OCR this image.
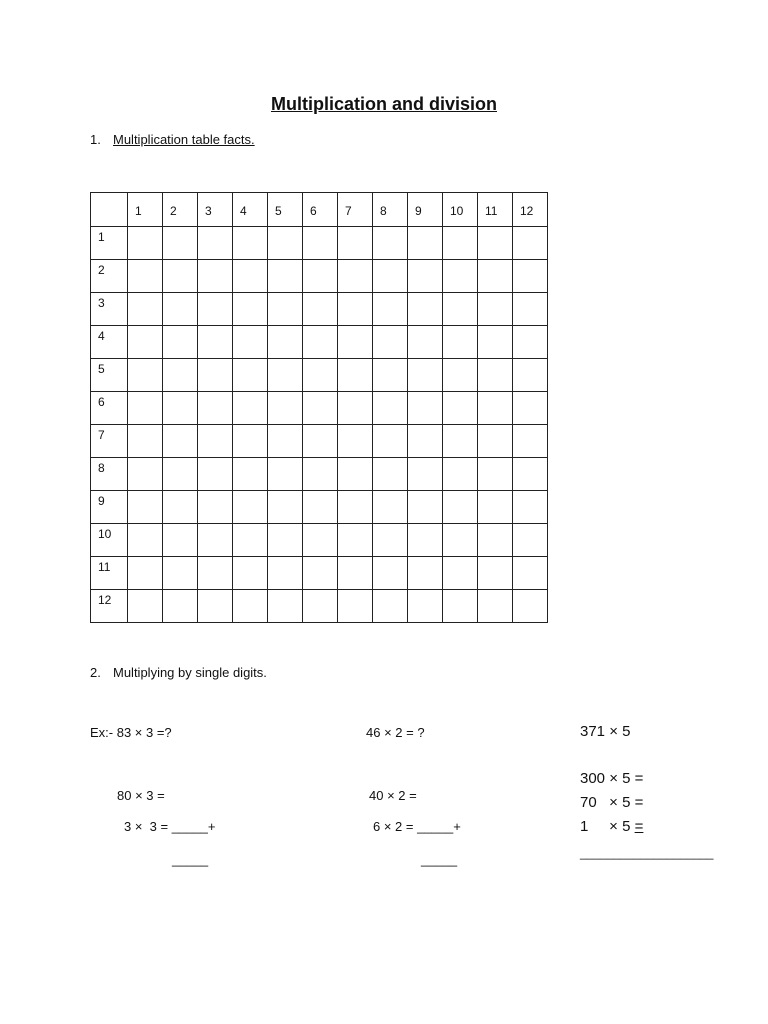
Multiplication and division
1. Multiplication table facts.
	1	2	3	4	5	6	7	8	9	10	11	12
1												
2												
3												
4												
5												
6												
7												
8												
9												
10												
11												
12												
2. Multiplying by single digits.
Ex:- 83 × 3 =?
80 × 3 =
3 ×  3 = _____+
_____
46 × 2 = ?
40 × 2 =
6 × 2 = _____+
_____
371 × 5
300 × 5 =
70   × 5 =
1     × 5 =
____________________
